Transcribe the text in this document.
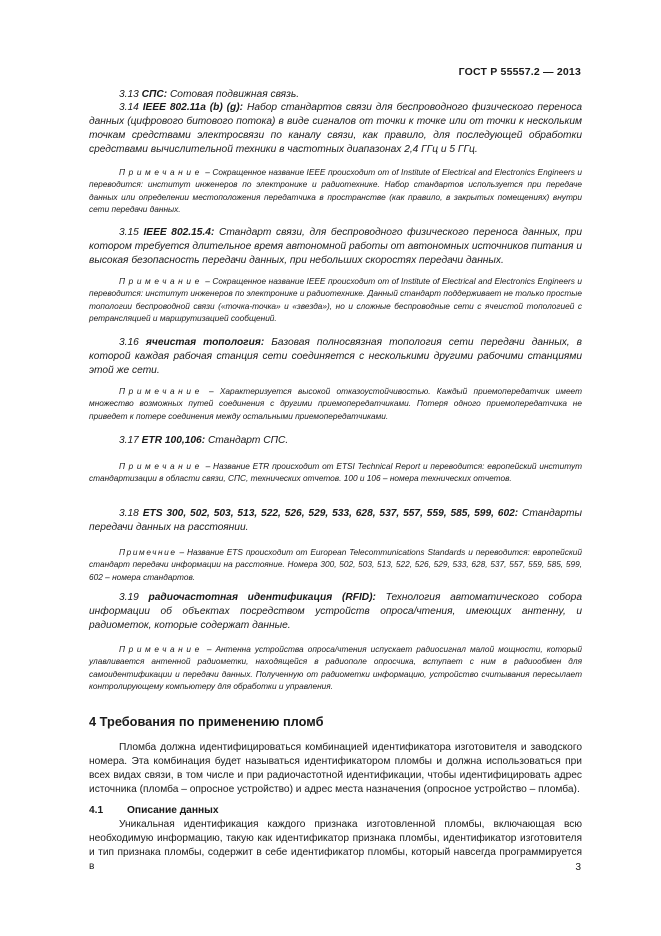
ГОСТ Р 55557.2 — 2013
3.13 СПС: Сотовая подвижная связь.
3.14 IEEE 802.11a (b) (g): Набор стандартов связи для беспроводного физического переноса данных (цифрового битового потока) в виде сигналов от точки к точке или от точки к нескольким точкам средствами электросвязи по каналу связи, как правило, для последующей обработки средствами вычислительной техники в частотных диапазонах 2,4 ГГц и 5 ГГц.
Примечание – Сокращенное название IEEE происходит от of Institute of Electrical and Electronics Engineers и переводится: институт инженеров по электронике и радиотехнике. Набор стандартов используется при передаче данных или определении местоположения передатчика в пространстве (как правило, в закрытых помещениях) внутри сети передачи данных.
3.15 IEEE 802.15.4: Стандарт связи, для беспроводного физического переноса данных, при котором требуется длительное время автономной работы от автономных источников питания и высокая безопасность передачи данных, при небольших скоростях передачи данных.
Примечание – Сокращенное название IEEE происходит от of Institute of Electrical and Electronics Engineers и переводится: институт инженеров по электронике и радиотехнике. Данный стандарт поддерживает не только простые топологии беспроводной связи («точка-точка» и «звезда»), но и сложные беспроводные сети с ячеистой топологией с ретрансляцией и маршрутизацией сообщений.
3.16 ячеистая топология: Базовая полносвязная топология сети передачи данных, в которой каждая рабочая станция сети соединяется с несколькими другими рабочими станциями этой же сети.
Примечание – Характеризуется высокой отказоустойчивостью. Каждый приемопередатчик имеет множество возможных путей соединения с другими приемопередатчиками. Потеря одного приемопередатчика не приведет к потере соединения между остальными приемопередатчиками.
3.17 ETR 100,106: Стандарт СПС.
Примечание – Название ETR происходит от ETSI Technical Report и переводится: европейский институт стандартизации в области связи, СПС, технических отчетов. 100 и 106 – номера технических отчетов.
3.18 ETS 300, 502, 503, 513, 522, 526, 529, 533, 628, 537, 557, 559, 585, 599, 602: Стандарты передачи данных на расстоянии.
Примечние – Название ETS происходит от European Telecommunications Standards и переводится: европейский стандарт передачи информации на расстояние. Номера 300, 502, 503, 513, 522, 526, 529, 533, 628, 537, 557, 559, 585, 599, 602 – номера стандартов.
3.19 радиочастотная идентификация (RFID): Технология автоматического собора информации об объектах посредством устройств опроса/чтения, имеющих антенну, и радиометок, которые содержат данные.
Примечание – Антенна устройства опроса/чтения испускает радиосигнал малой мощности, который улавливается антенной радиометки, находящейся в радиополе опросчика, вступает с ним в радиообмен для самоидентификации и передачи данных. Полученную от радиометки информацию, устройство считывания пересылает контролирующему компьютеру для обработки и управления.
4 Требования по применению пломб
Пломба должна идентифицироваться комбинацией идентификатора изготовителя и заводского номера. Эта комбинация будет называться идентификатором пломбы и должна использоваться при всех видах связи, в том числе и при радиочастотной идентификации, чтобы идентифицировать адрес источника (пломба – опросное устройство) и адрес места назначения (опросное устройство – пломба).
4.1 Описание данных
Уникальная идентификация каждого признака изготовленной пломбы, включающая всю необходимую информацию, такую как идентификатор признака пломбы, идентификатор изготовителя и тип признака пломбы, содержит в себе идентификатор пломбы, который навсегда программируется в	3
